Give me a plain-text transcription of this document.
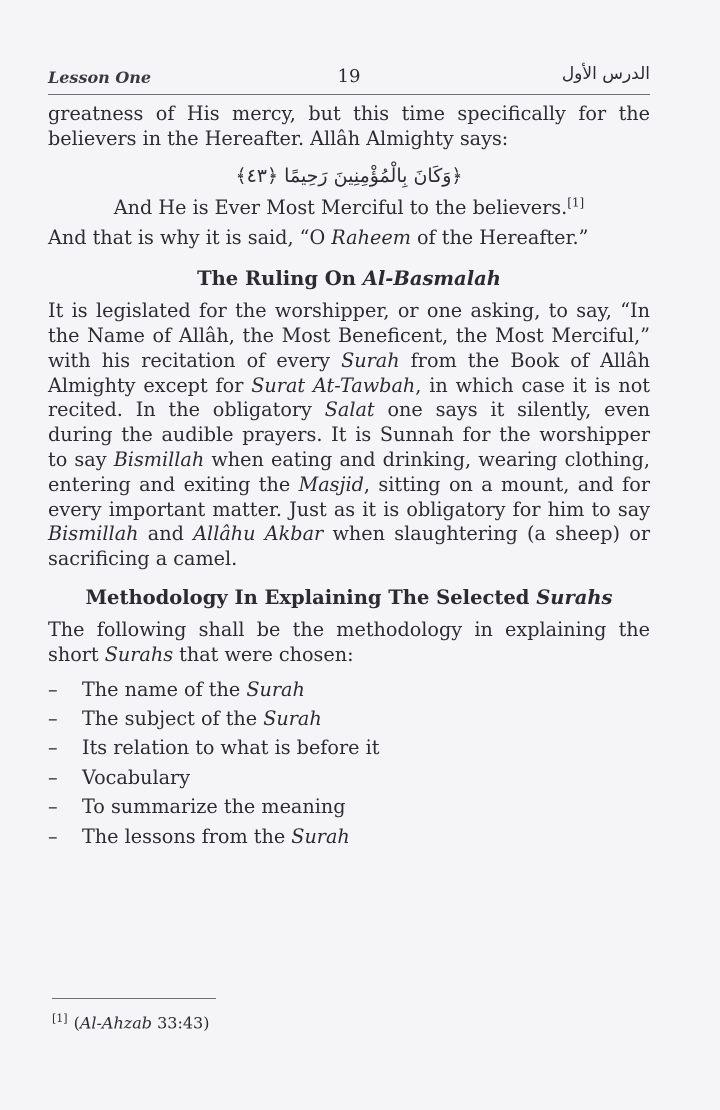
Lesson One	19	الدرس الأول

greatness of His mercy, but this time specifically for the believers in the Hereafter. Allâh Almighty says:

﴿وَكَانَ بِالْمُؤْمِنِينَ رَحِيمًا ﴿٤٣﴾

And He is Ever Most Merciful to the believers.[1]

And that is why it is said, “O Raheem of the Hereafter.”

The Ruling On Al-Basmalah

It is legislated for the worshipper, or one asking, to say, “In the Name of Allâh, the Most Beneficent, the Most Merciful,” with his recitation of every Surah from the Book of Allâh Almighty except for Surat At-Tawbah, in which case it is not recited. In the obligatory Salat one says it silently, even during the audible prayers. It is Sunnah for the worshipper to say Bismillah when eating and drinking, wearing clothing, entering and exiting the Masjid, sitting on a mount, and for every important matter. Just as it is obligatory for him to say Bismillah and Allâhu Akbar when slaughtering (a sheep) or sacrificing a camel.

Methodology In Explaining The Selected Surahs

The following shall be the methodology in explaining the short Surahs that were chosen:

– The name of the Surah
– The subject of the Surah
– Its relation to what is before it
– Vocabulary
– To summarize the meaning
– The lessons from the Surah
[1] (Al-Ahzab 33:43)
